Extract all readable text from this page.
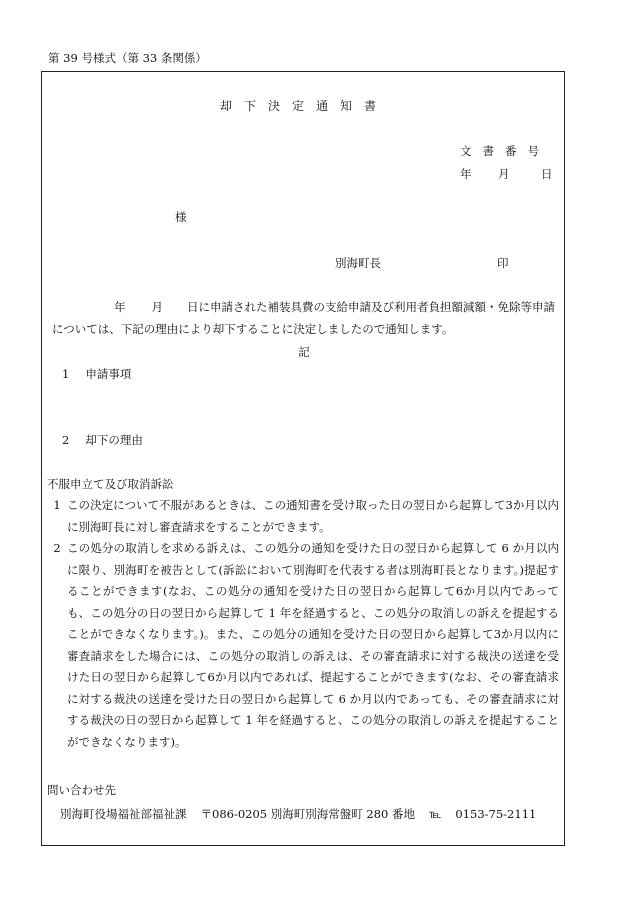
第 39 号様式（第 33 条関係）
却下決定通知書
文書番号
年 月	日
様
別海町長	印
年 月 日に申請された補装具費の支給申請及び利用者負担額減額・免除等申請については、下記の理由により却下することに決定しましたので通知します。
記
1 申請事項
2 却下の理由
不服申立て及び取消訴訟
1 この決定について不服があるときは、この通知書を受け取った日の翌日から起算して3か月以内に別海町長に対し審査請求をすることができます。
2 この処分の取消しを求める訴えは、この処分の通知を受けた日の翌日から起算して 6 か月以内に限り、別海町を被告として(訴訟において別海町を代表する者は別海町長となります。)提起することができます(なお、この処分の通知を受けた日の翌日から起算して6か月以内であっても、この処分の日の翌日から起算して 1 年を経過すると、この処分の取消しの訴えを提起することができなくなります。)。また、この処分の通知を受けた日の翌日から起算して3か月以内に審査請求をした場合には、この処分の取消しの訴えは、その審査請求に対する裁決の送達を受けた日の翌日から起算して6か月以内であれば、提起することができます(なお、その審査請求に対する裁決の送達を受けた日の翌日から起算して 6 か月以内であっても、その審査請求に対する裁決の日の翌日から起算して 1 年を経過すると、この処分の取消しの訴えを提起することができなくなります)。
問い合わせ先
別海町役場福祉部福祉課 〒086-0205 別海町別海常盤町 280 番地 ℡ 0153-75-2111
